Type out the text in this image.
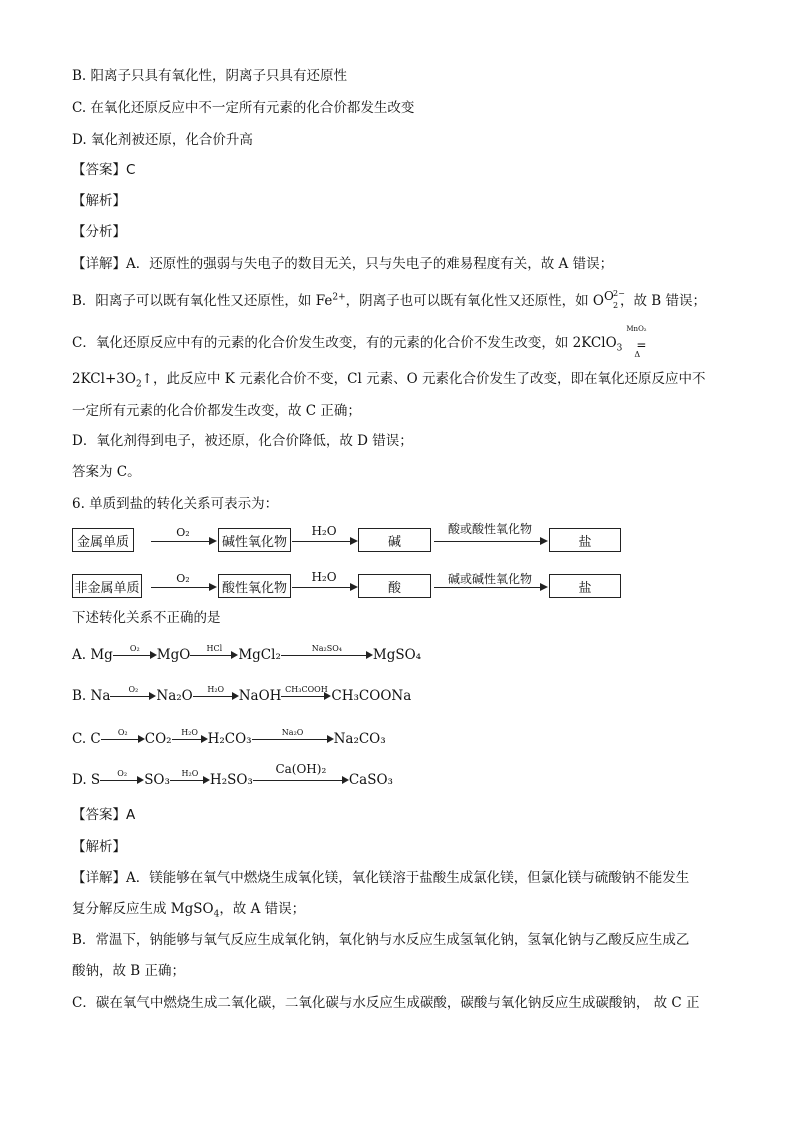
B. 阳离子只具有氧化性，阴离子只具有还原性
C. 在氧化还原反应中不一定所有元素的化合价都发生改变
D. 氧化剂被还原，化合价升高
【答案】C
【解析】
【分析】
【详解】A．还原性的强弱与失电子的数目无关，只与失电子的难易程度有关，故 A 错误；
B．阳离子可以既有氧化性又还原性，如 $Fe^{2+}$，阴离子也可以既有氧化性又还原性，如 O O 2−
2 ，故 B 错误；
C．氧化还原反应中有的元素的化合价发生改变，有的元素的化合价不发生改变，如 2KClO$_3$
MnO₂
=
Δ
$2KCl+3O_2↑$，此反应中 K 元素化合价不变，Cl 元素、O 元素化合价发生了改变，即在氧化还原反应中不
一定所有元素的化合价都发生改变，故 C 正确；
D．氧化剂得到电子，被还原，化合价降低，故 D 错误；
答案为 C。
6. 单质到盐的转化关系可表示为：
金属单质
O₂
碱性氧化物
H₂O
碱
酸或酸性氧化物
盐
非金属单质
O₂
酸性氧化物
H₂O
酸
碱或碱性氧化物
盐
下述转化关系不正确的是
A. Mg	O₂	MgO	HCl	MgCl₂	Na₂SO₄	MgSO₄
B. Na	O₂	Na₂O	H₂O	NaOH CH₃COOH CH₃COONa
C. C	O₂	CO₂	H₂O H₂CO₃	Na₂O	Na₂CO₃
D. S	O₂	SO₃	H₂O H₂SO₃
Ca(OH)₂
CaSO₃
【答案】A
【解析】
【详解】A．镁能够在氧气中燃烧生成氧化镁，氧化镁溶于盐酸生成氯化镁，但氯化镁与硫酸钠不能发生
复分解反应生成 MgSO$_4$，故 A 错误；
B．常温下，钠能够与氧气反应生成氧化钠，氧化钠与水反应生成氢氧化钠，氢氧化钠与乙酸反应生成乙
酸钠，故 B 正确；
C．碳在氧气中燃烧生成二氧化碳，二氧化碳与水反应生成碳酸，碳酸与氧化钠反应生成碳酸钠， 故 C 正
